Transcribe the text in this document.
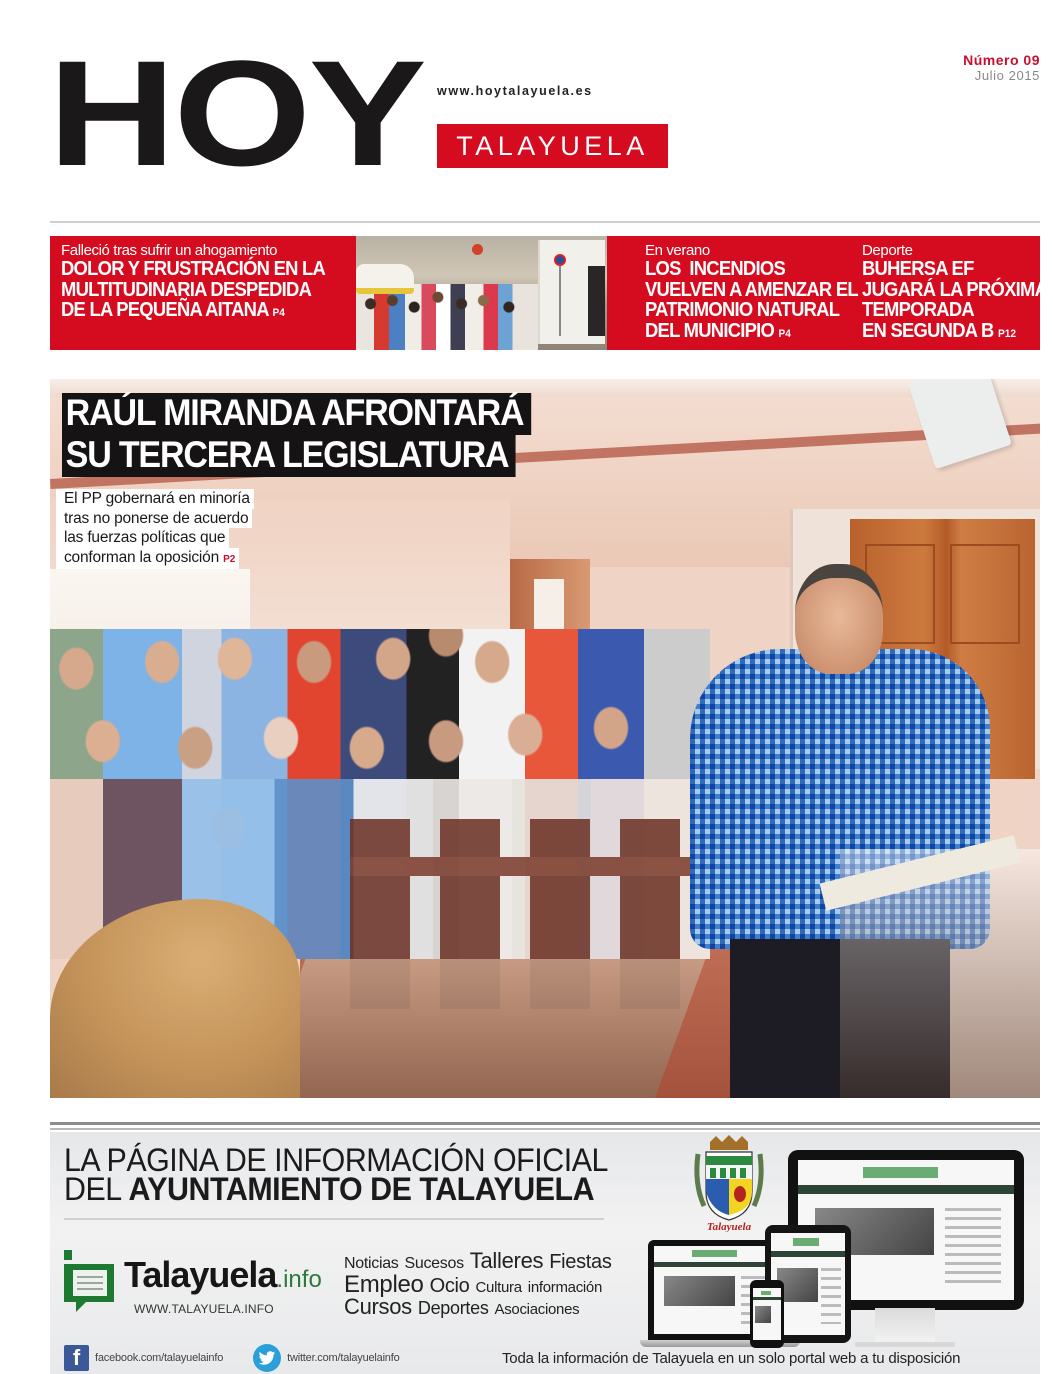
HOY www.hoytalayuela.es
TALAYUELA
Número 09
Julio 2015
Falleció tras sufrir un ahogamiento
DOLOR Y FRUSTRACIÓN EN LA
MULTITUDINARIA DESPEDIDA
DE LA PEQUEÑA AITANA P4
En verano
LOS  INCENDIOS
VUELVEN A AMENZAR EL
PATRIMONIO NATURAL
DEL MUNICIPIO P4
Deporte
BUHERSA EF
JUGARÁ LA PRÓXIMA
TEMPORADA
EN SEGUNDA B P12
RAÚL MIRANDA AFRONTARÁ
SU TERCERA LEGISLATURA
El PP gobernará en minoría
tras no ponerse de acuerdo
las fuerzas políticas que
conforman la oposición P2
LA PÁGINA DE INFORMACIÓN OFICIAL
DEL AYUNTAMIENTO DE TALAYUELA
Talayuela
Talayuela.info
WWW.TALAYUELA.INFO
Noticias Sucesos Talleres Fiestas
Empleo Ocio Cultura información
Cursos Deportes Asociaciones
f	facebook.com/talayuelainfo	twitter.com/talayuelainfo	Toda la información de Talayuela en un solo portal web a tu disposición
